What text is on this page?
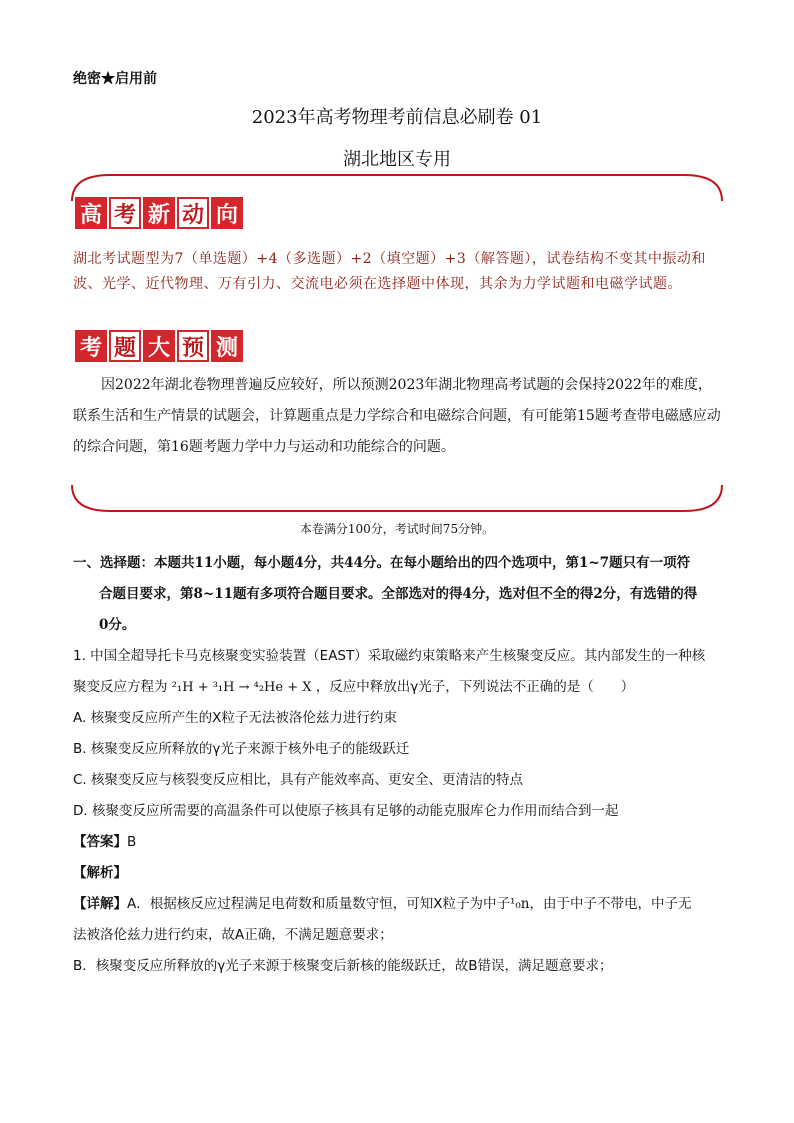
绝密★启用前
2023年高考物理考前信息必刷卷 01
湖北地区专用
高 考 新 动 向
湖北考试题型为7（单选题）+4（多选题）+2（填空题）+3（解答题），试卷结构不变其中振动和波、光学、近代物理、万有引力、交流电必须在选择题中体现，其余为力学试题和电磁学试题。
考 题 大 预 测
因2022年湖北卷物理普遍反应较好，所以预测2023年湖北物理高考试题的会保持2022年的难度，联系生活和生产情景的试题会，计算题重点是力学综合和电磁综合问题，有可能第15题考查带电磁感应动的综合问题，第16题考题力学中力与运动和功能综合的问题。
本卷满分100分，考试时间75分钟。
一、选择题：本题共11小题，每小题4分，共44分。在每小题给出的四个选项中，第1~7题只有一项符
合题目要求，第8~11题有多项符合题目要求。全部选对的得4分，选对但不全的得2分，有选错的得
0分。
1. 中国全超导托卡马克核聚变实验装置（EAST）采取磁约束策略来产生核聚变反应。其内部发生的一种核
聚变反应方程为 ²₁H + ³₁H → ⁴₂He + X ，反应中释放出γ光子，下列说法不正确的是（　　）
A. 核聚变反应所产生的X粒子无法被洛伦兹力进行约束
B. 核聚变反应所释放的γ光子来源于核外电子的能级跃迁
C. 核聚变反应与核裂变反应相比，具有产能效率高、更安全、更清洁的特点
D. 核聚变反应所需要的高温条件可以使原子核具有足够的动能克服库仑力作用而结合到一起
【答案】B
【解析】
【详解】A．根据核反应过程满足电荷数和质量数守恒，可知X粒子为中子¹₀n，由于中子不带电，中子无
法被洛伦兹力进行约束，故A正确，不满足题意要求；
B．核聚变反应所释放的γ光子来源于核聚变后新核的能级跃迁，故B错误，满足题意要求；
